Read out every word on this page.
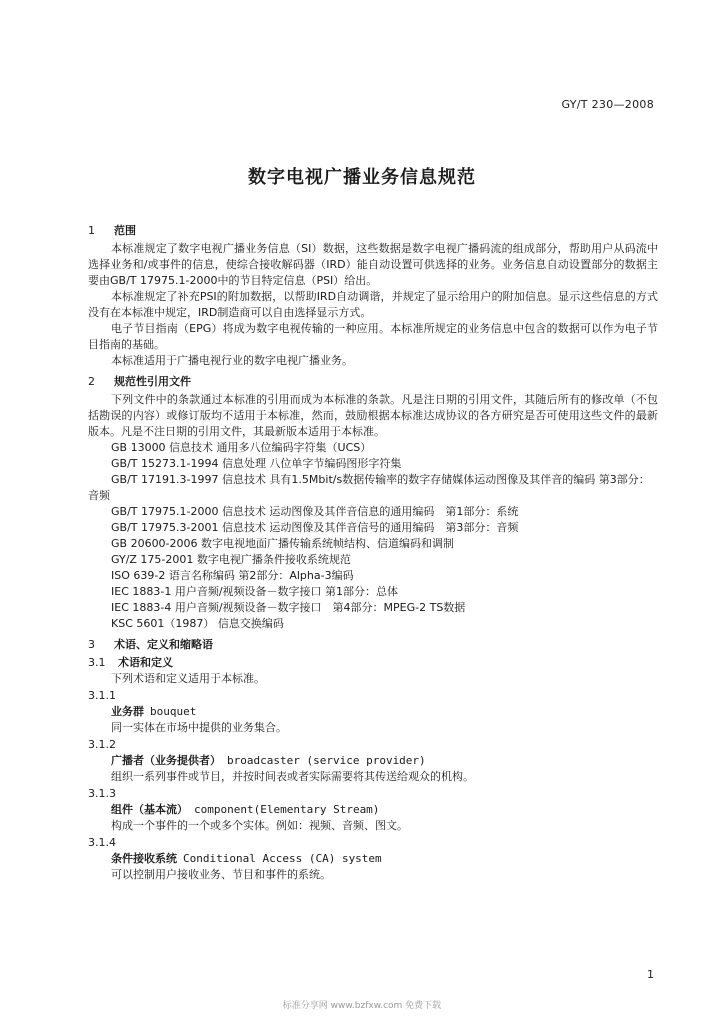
GY/T 230—2008
数字电视广播业务信息规范
1 范围

本标准规定了数字电视广播业务信息（SI）数据，这些数据是数字电视广播码流的组成部分，帮助用户从码流中选择业务和/或事件的信息，使综合接收解码器（IRD）能自动设置可供选择的业务。业务信息自动设置部分的数据主要由GB/T 17975.1-2000中的节目特定信息（PSI）给出。

本标准规定了补充PSI的附加数据，以帮助IRD自动调谐，并规定了显示给用户的附加信息。显示这些信息的方式没有在本标准中规定，IRD制造商可以自由选择显示方式。

电子节目指南（EPG）将成为数字电视传输的一种应用。本标准所规定的业务信息中包含的数据可以作为电子节目指南的基础。

本标准适用于广播电视行业的数字电视广播业务。

2 规范性引用文件

下列文件中的条款通过本标准的引用而成为本标准的条款。凡是注日期的引用文件，其随后所有的修改单（不包括勘误的内容）或修订版均不适用于本标准，然而，鼓励根据本标准达成协议的各方研究是否可使用这些文件的最新版本。凡是不注日期的引用文件，其最新版本适用于本标准。

GB 13000 信息技术 通用多八位编码字符集（UCS）

GB/T 15273.1-1994 信息处理 八位单字节编码图形字符集

GB/T 17191.3-1997 信息技术 具有1.5Mbit/s数据传输率的数字存储媒体运动图像及其伴音的编码 第3部分：音频

GB/T 17975.1-2000 信息技术 运动图像及其伴音信息的通用编码　第1部分：系统

GB/T 17975.3-2001 信息技术 运动图像及其伴音信号的通用编码　第3部分：音频

GB 20600-2006 数字电视地面广播传输系统帧结构、信道编码和调制

GY/Z 175-2001 数字电视广播条件接收系统规范

ISO 639-2 语言名称编码 第2部分：Alpha-3编码

IEC 1883-1 用户音频/视频设备－数字接口 第1部分：总体

IEC 1883-4 用户音频/视频设备－数字接口　第4部分：MPEG-2 TS数据

KSC 5601（1987） 信息交换编码

3 术语、定义和缩略语
3.1 术语和定义

下列术语和定义适用于本标准。

3.1.1

业务群 bouquet

同一实体在市场中提供的业务集合。

3.1.2

广播者（业务提供者） broadcaster (service provider)

组织一系列事件或节目，并按时间表或者实际需要将其传送给观众的机构。

3.1.3

组件（基本流） component(Elementary Stream)

构成一个事件的一个或多个实体。例如：视频、音频、图文。

3.1.4

条件接收系统 Conditional Access (CA) system

可以控制用户接收业务、节目和事件的系统。

1
标准分享网 www.bzfxw.com 免费下载
